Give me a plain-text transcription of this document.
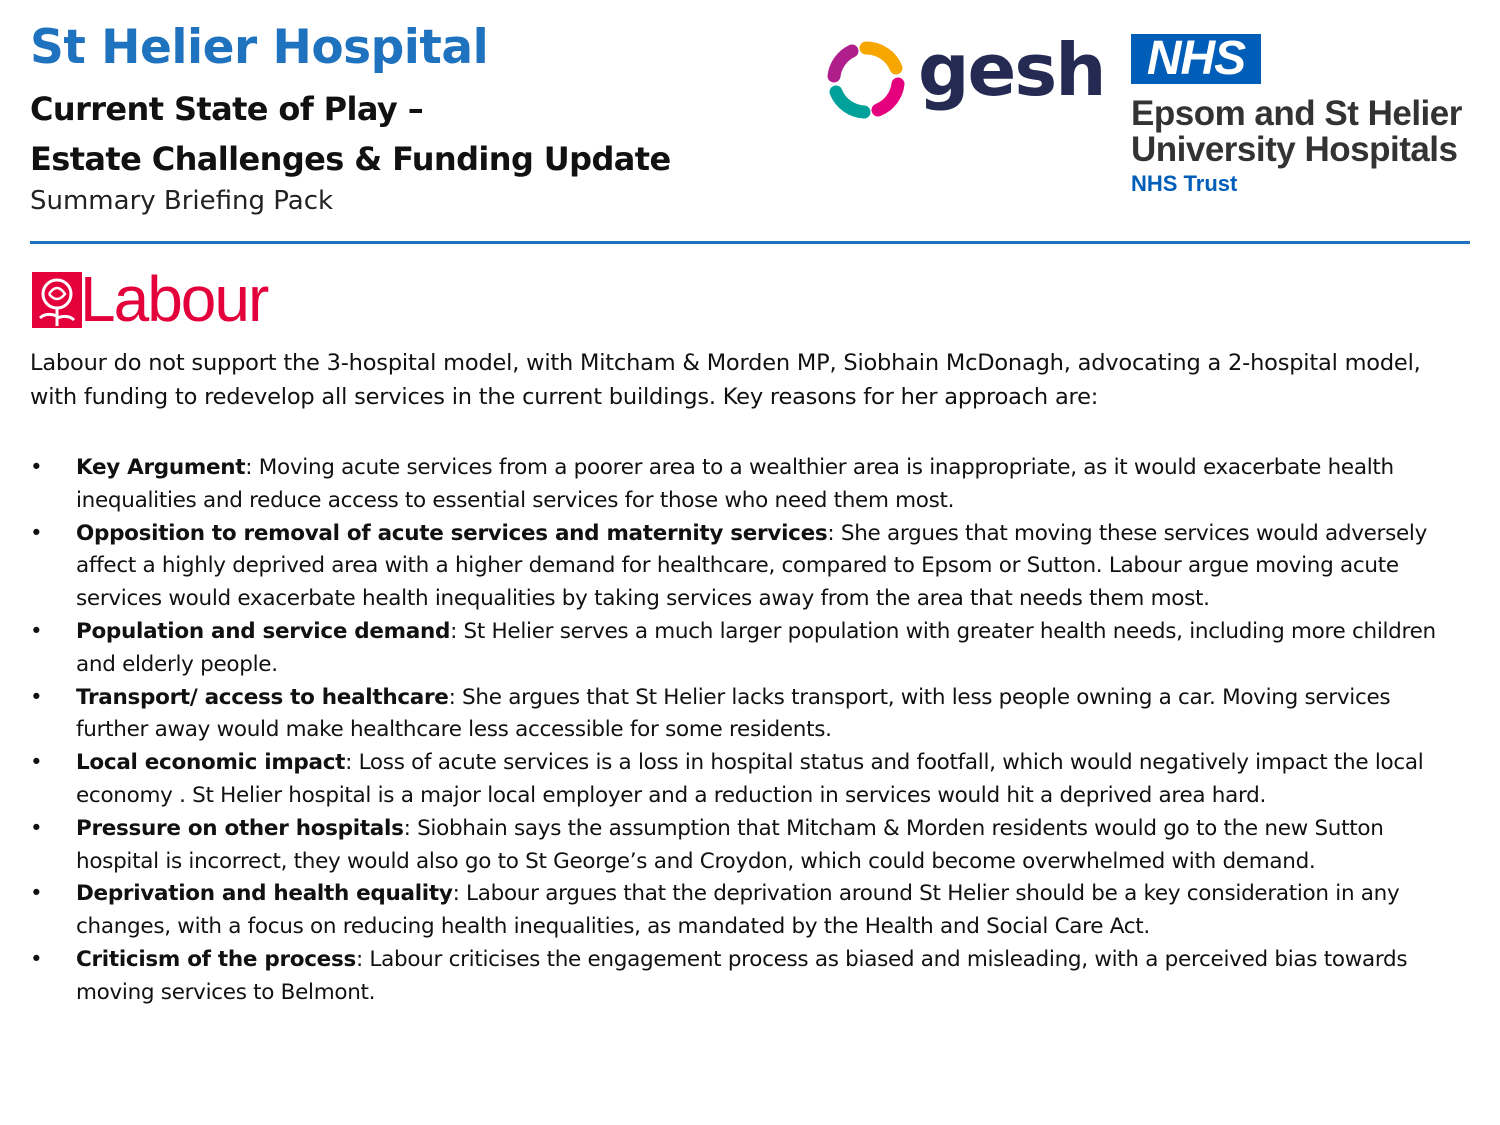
St Helier Hospital
Current State of Play –
Estate Challenges & Funding Update
Summary Briefing Pack
gesh NHS
Epsom and St Helier
University Hospitals
NHS Trust
Labour
Labour do not support the 3-hospital model, with Mitcham & Morden MP, Siobhain McDonagh, advocating a 2-hospital model, with funding to redevelop all services in the current buildings. Key reasons for her approach are:
• Key Argument: Moving acute services from a poorer area to a wealthier area is inappropriate, as it would exacerbate health inequalities and reduce access to essential services for those who need them most.
• Opposition to removal of acute services and maternity services: She argues that moving these services would adversely affect a highly deprived area with a higher demand for healthcare, compared to Epsom or Sutton. Labour argue moving acute services would exacerbate health inequalities by taking services away from the area that needs them most.
• Population and service demand: St Helier serves a much larger population with greater health needs, including more children and elderly people.
• Transport/ access to healthcare: She argues that St Helier lacks transport, with less people owning a car. Moving services further away would make healthcare less accessible for some residents.
• Local economic impact: Loss of acute services is a loss in hospital status and footfall, which would negatively impact the local economy . St Helier hospital is a major local employer and a reduction in services would hit a deprived area hard.
• Pressure on other hospitals: Siobhain says the assumption that Mitcham & Morden residents would go to the new Sutton hospital is incorrect, they would also go to St George’s and Croydon, which could become overwhelmed with demand.
• Deprivation and health equality: Labour argues that the deprivation around St Helier should be a key consideration in any changes, with a focus on reducing health inequalities, as mandated by the Health and Social Care Act.
• Criticism of the process: Labour criticises the engagement process as biased and misleading, with a perceived bias towards moving services to Belmont.
